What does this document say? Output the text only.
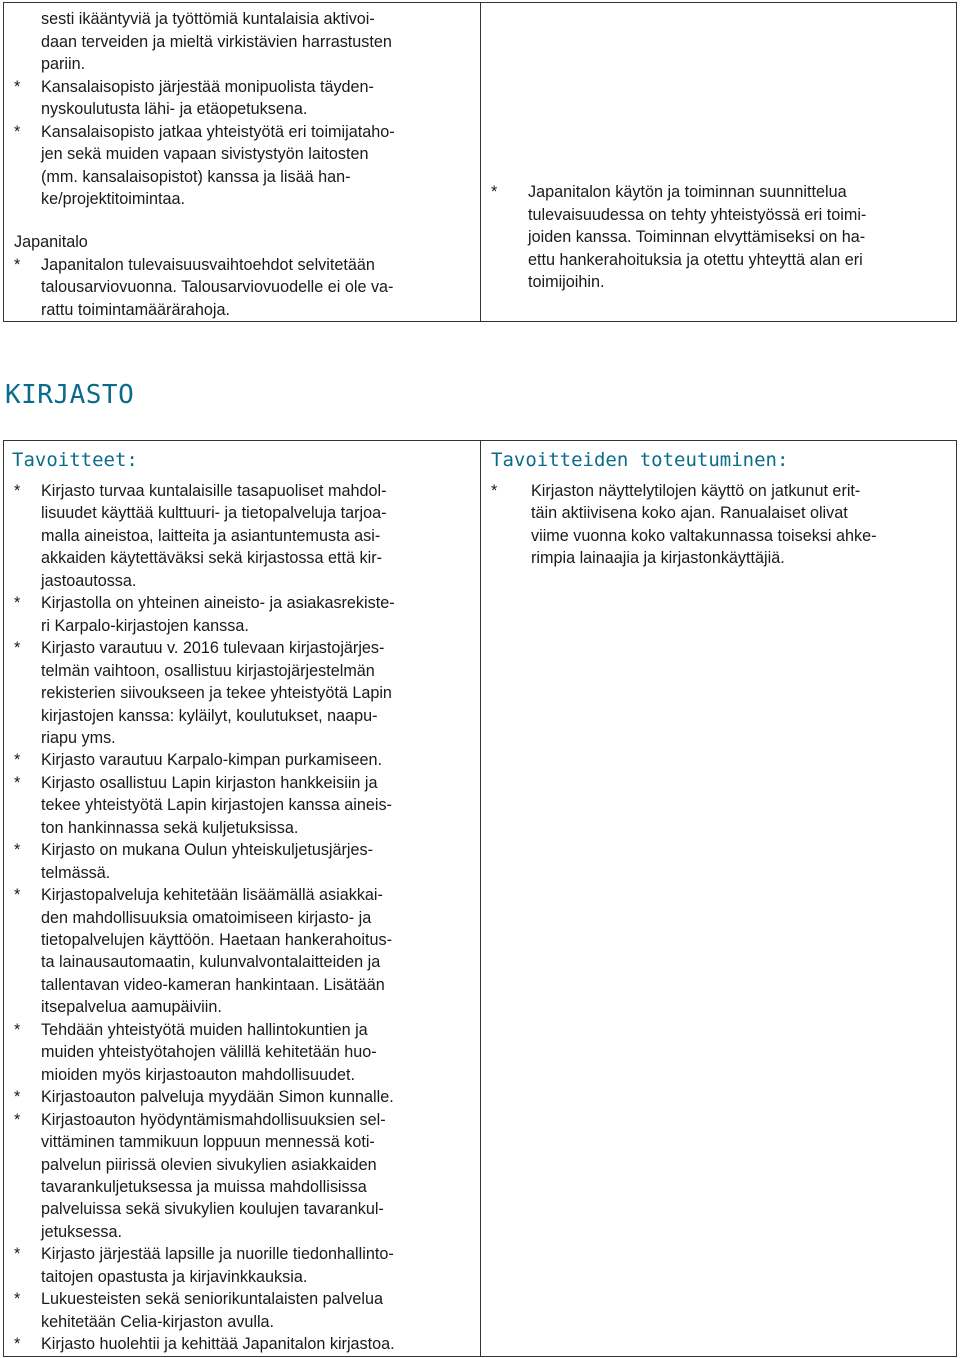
sesti ikääntyviä ja työttömiä kuntalaisia aktivoi-
daan terveiden ja mieltä virkistävien harrastusten
pariin.
* Kansalaisopisto järjestää monipuolista täyden-
nyskoulutusta lähi- ja etäopetuksena.
* Kansalaisopisto jatkaa yhteistyötä eri toimijataho-
jen sekä muiden vapaan sivistystyön laitosten
(mm. kansalaisopistot) kanssa ja lisää han-
ke/projektitoimintaa.
Japanitalo
* Japanitalon tulevaisuusvaihtoehdot selvitetään
talousarviovuonna. Talousarviovuodelle ei ole va-
rattu toimintamäärärahoja.
* Japanitalon käytön ja toiminnan suunnittelua
tulevaisuudessa on tehty yhteistyössä eri toimi-
joiden kanssa. Toiminnan elvyttämiseksi on ha-
ettu hankerahoituksia ja otettu yhteyttä alan eri
toimijoihin.
KIRJASTO
Tavoitteet:
* Kirjasto turvaa kuntalaisille tasapuoliset mahdol-
lisuudet käyttää kulttuuri- ja tietopalveluja tarjoa-
malla aineistoa, laitteita ja asiantuntemusta asi-
akkaiden käytettäväksi sekä kirjastossa että kir-
jastoautossa.
* Kirjastolla on yhteinen aineisto- ja asiakasrekiste-
ri Karpalo-kirjastojen kanssa.
* Kirjasto varautuu v. 2016 tulevaan kirjastojärjes-
telmän vaihtoon, osallistuu kirjastojärjestelmän
rekisterien siivoukseen ja tekee yhteistyötä Lapin
kirjastojen kanssa: kyläilyt, koulutukset, naapu-
riapu yms.
* Kirjasto varautuu Karpalo-kimpan purkamiseen.
* Kirjasto osallistuu Lapin kirjaston hankkeisiin ja
tekee yhteistyötä Lapin kirjastojen kanssa aineis-
ton hankinnassa sekä kuljetuksissa.
* Kirjasto on mukana Oulun yhteiskuljetusjärjes-
telmässä.
* Kirjastopalveluja kehitetään lisäämällä asiakkai-
den mahdollisuuksia omatoimiseen kirjasto- ja
tietopalvelujen käyttöön. Haetaan hankerahoitus-
ta lainausautomaatin, kulunvalvontalaitteiden ja
tallentavan video-kameran hankintaan. Lisätään
itsepalvelua aamupäiviin.
* Tehdään yhteistyötä muiden hallintokuntien ja
muiden yhteistyötahojen välillä kehitetään huo-
mioiden myös kirjastoauton mahdollisuudet.
* Kirjastoauton palveluja myydään Simon kunnalle.
* Kirjastoauton hyödyntämismahdollisuuksien sel-
vittäminen tammikuun loppuun mennessä koti-
palvelun piirissä olevien sivukylien asiakkaiden
tavarankuljetuksessa ja muissa mahdollisissa
palveluissa sekä sivukylien koulujen tavarankul-
jetuksessa.
* Kirjasto järjestää lapsille ja nuorille tiedonhallinto-
taitojen opastusta ja kirjavinkkauksia.
* Lukuesteisten sekä seniorikuntalaisten palvelua
kehitetään Celia-kirjaston avulla.
* Kirjasto huolehtii ja kehittää Japanitalon kirjastoa.
Tavoitteiden toteutuminen:
* Kirjaston näyttelytilojen käyttö on jatkunut erit-
täin aktiivisena koko ajan. Ranualaiset olivat
viime vuonna koko valtakunnassa toiseksi ahke-
rimpia lainaajia ja kirjastonkäyttäjiä.
